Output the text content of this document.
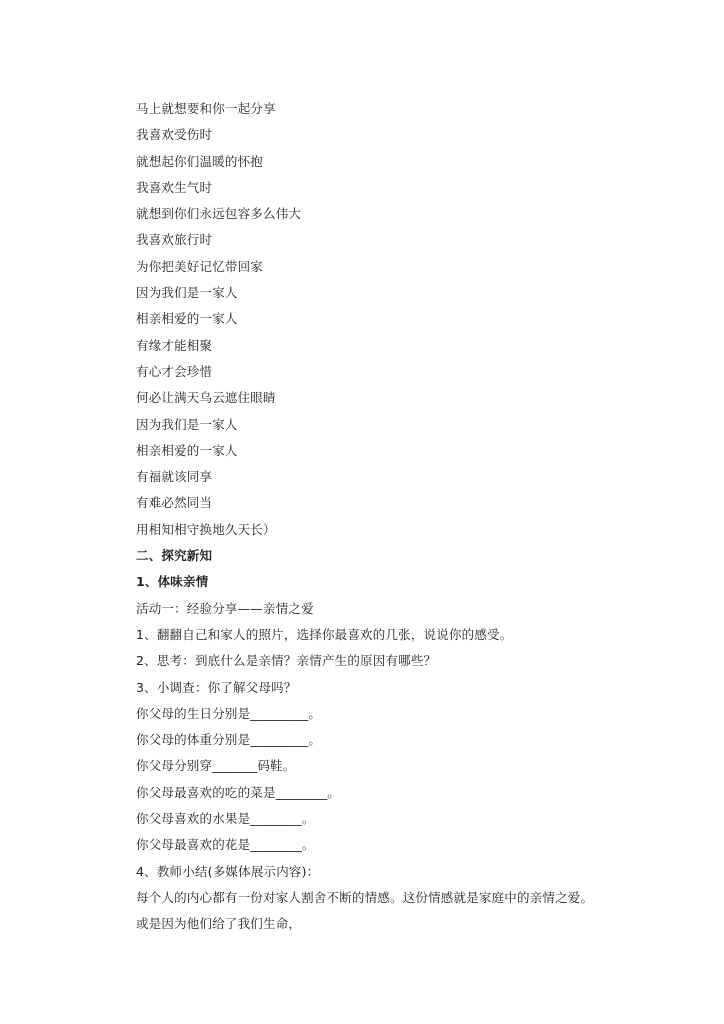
马上就想要和你一起分享
我喜欢受伤时
就想起你们温暖的怀抱
我喜欢生气时
就想到你们永远包容多么伟大
我喜欢旅行时
为你把美好记忆带回家
因为我们是一家人
相亲相爱的一家人
有缘才能相聚
有心才会珍惜
何必让满天乌云遮住眼睛
因为我们是一家人
相亲相爱的一家人
有福就该同享
有难必然同当
用相知相守换地久天长）
二、探究新知
1、体味亲情
活动一：经验分享——亲情之爱
1、翻翻自己和家人的照片，选择你最喜欢的几张，说说你的感受。
2、思考：到底什么是亲情？亲情产生的原因有哪些？
3、小调查：你了解父母吗？
你父母的生日分别是_________。
你父母的体重分别是_________。
你父母分别穿_______码鞋。
你父母最喜欢的吃的菜是________。
你父母喜欢的水果是________。
你父母最喜欢的花是________。
4、教师小结(多媒体展示内容)：
每个人的内心都有一份对家人割舍不断的情感。这份情感就是家庭中的亲情之爱。
或是因为他们给了我们生命，
